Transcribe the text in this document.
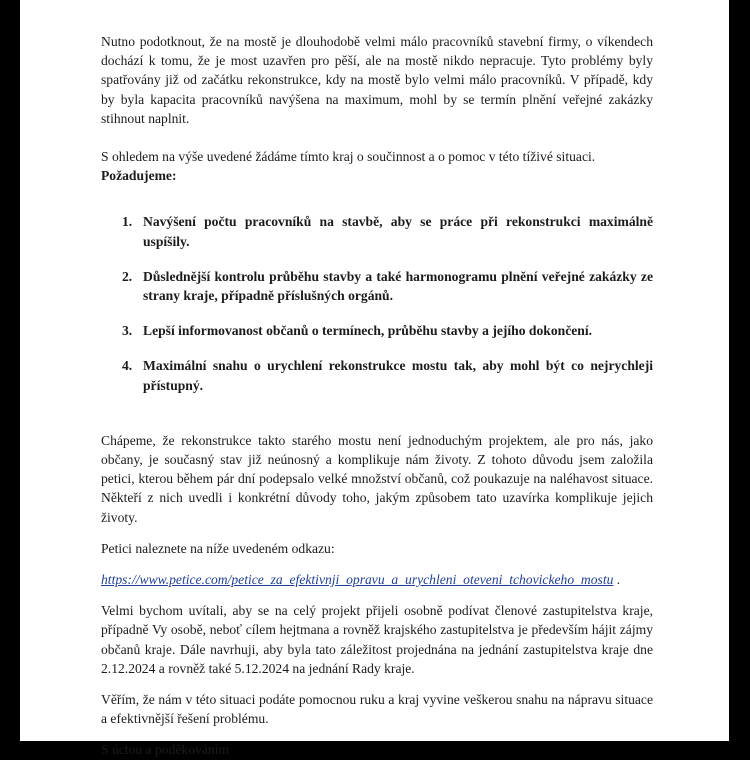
Nutno podotknout, že na mostě je dlouhodobě velmi málo pracovníků stavební firmy, o víkendech dochází k tomu, že je most uzavřen pro pěší, ale na mostě nikdo nepracuje. Tyto problémy byly spatřovány již od začátku rekonstrukce, kdy na mostě bylo velmi málo pracovníků. V případě, kdy by byla kapacita pracovníků navýšena na maximum, mohl by se termín plnění veřejné zakázky stihnout naplnit.

S ohledem na výše uvedené žádáme tímto kraj o součinnost a o pomoc v této tíživé situaci.

Požadujeme:

1. Navýšení počtu pracovníků na stavbě, aby se práce při rekonstrukci maximálně uspíšily.
2. Důslednější kontrolu průběhu stavby a také harmonogramu plnění veřejné zakázky ze strany kraje, případně příslušných orgánů.
3. Lepší informovanost občanů o termínech, průběhu stavby a jejího dokončení.
4. Maximální snahu o urychlení rekonstrukce mostu tak, aby mohl být co nejrychleji přístupný.

Chápeme, že rekonstrukce takto starého mostu není jednoduchým projektem, ale pro nás, jako občany, je současný stav již neúnosný a komplikuje nám životy. Z tohoto důvodu jsem založila petici, kterou během pár dní podepsalo velké množství občanů, což poukazuje na naléhavost situace. Někteří z nich uvedli i konkrétní důvody toho, jakým způsobem tato uzavírka komplikuje jejich životy.

Petici naleznete na níže uvedeném odkazu:

https://www.petice.com/petice_za_efektivnji_opravu_a_urychleni_oteveni_tchovickeho_mostu .

Velmi bychom uvítali, aby se na celý projekt přijeli osobně podívat členové zastupitelstva kraje, případně Vy osobě, neboť cílem hejtmana a rovněž krajského zastupitelstva je především hájit zájmy občanů kraje. Dále navrhuji, aby byla tato záležitost projednána na jednání zastupitelstva kraje dne 2.12.2024 a rovněž také 5.12.2024 na jednání Rady kraje.

Věřím, že nám v této situaci podáte pomocnou ruku a kraj vyvine veškerou snahu na nápravu situace a efektivnější řešení problému.

S úctou a poděkováním
